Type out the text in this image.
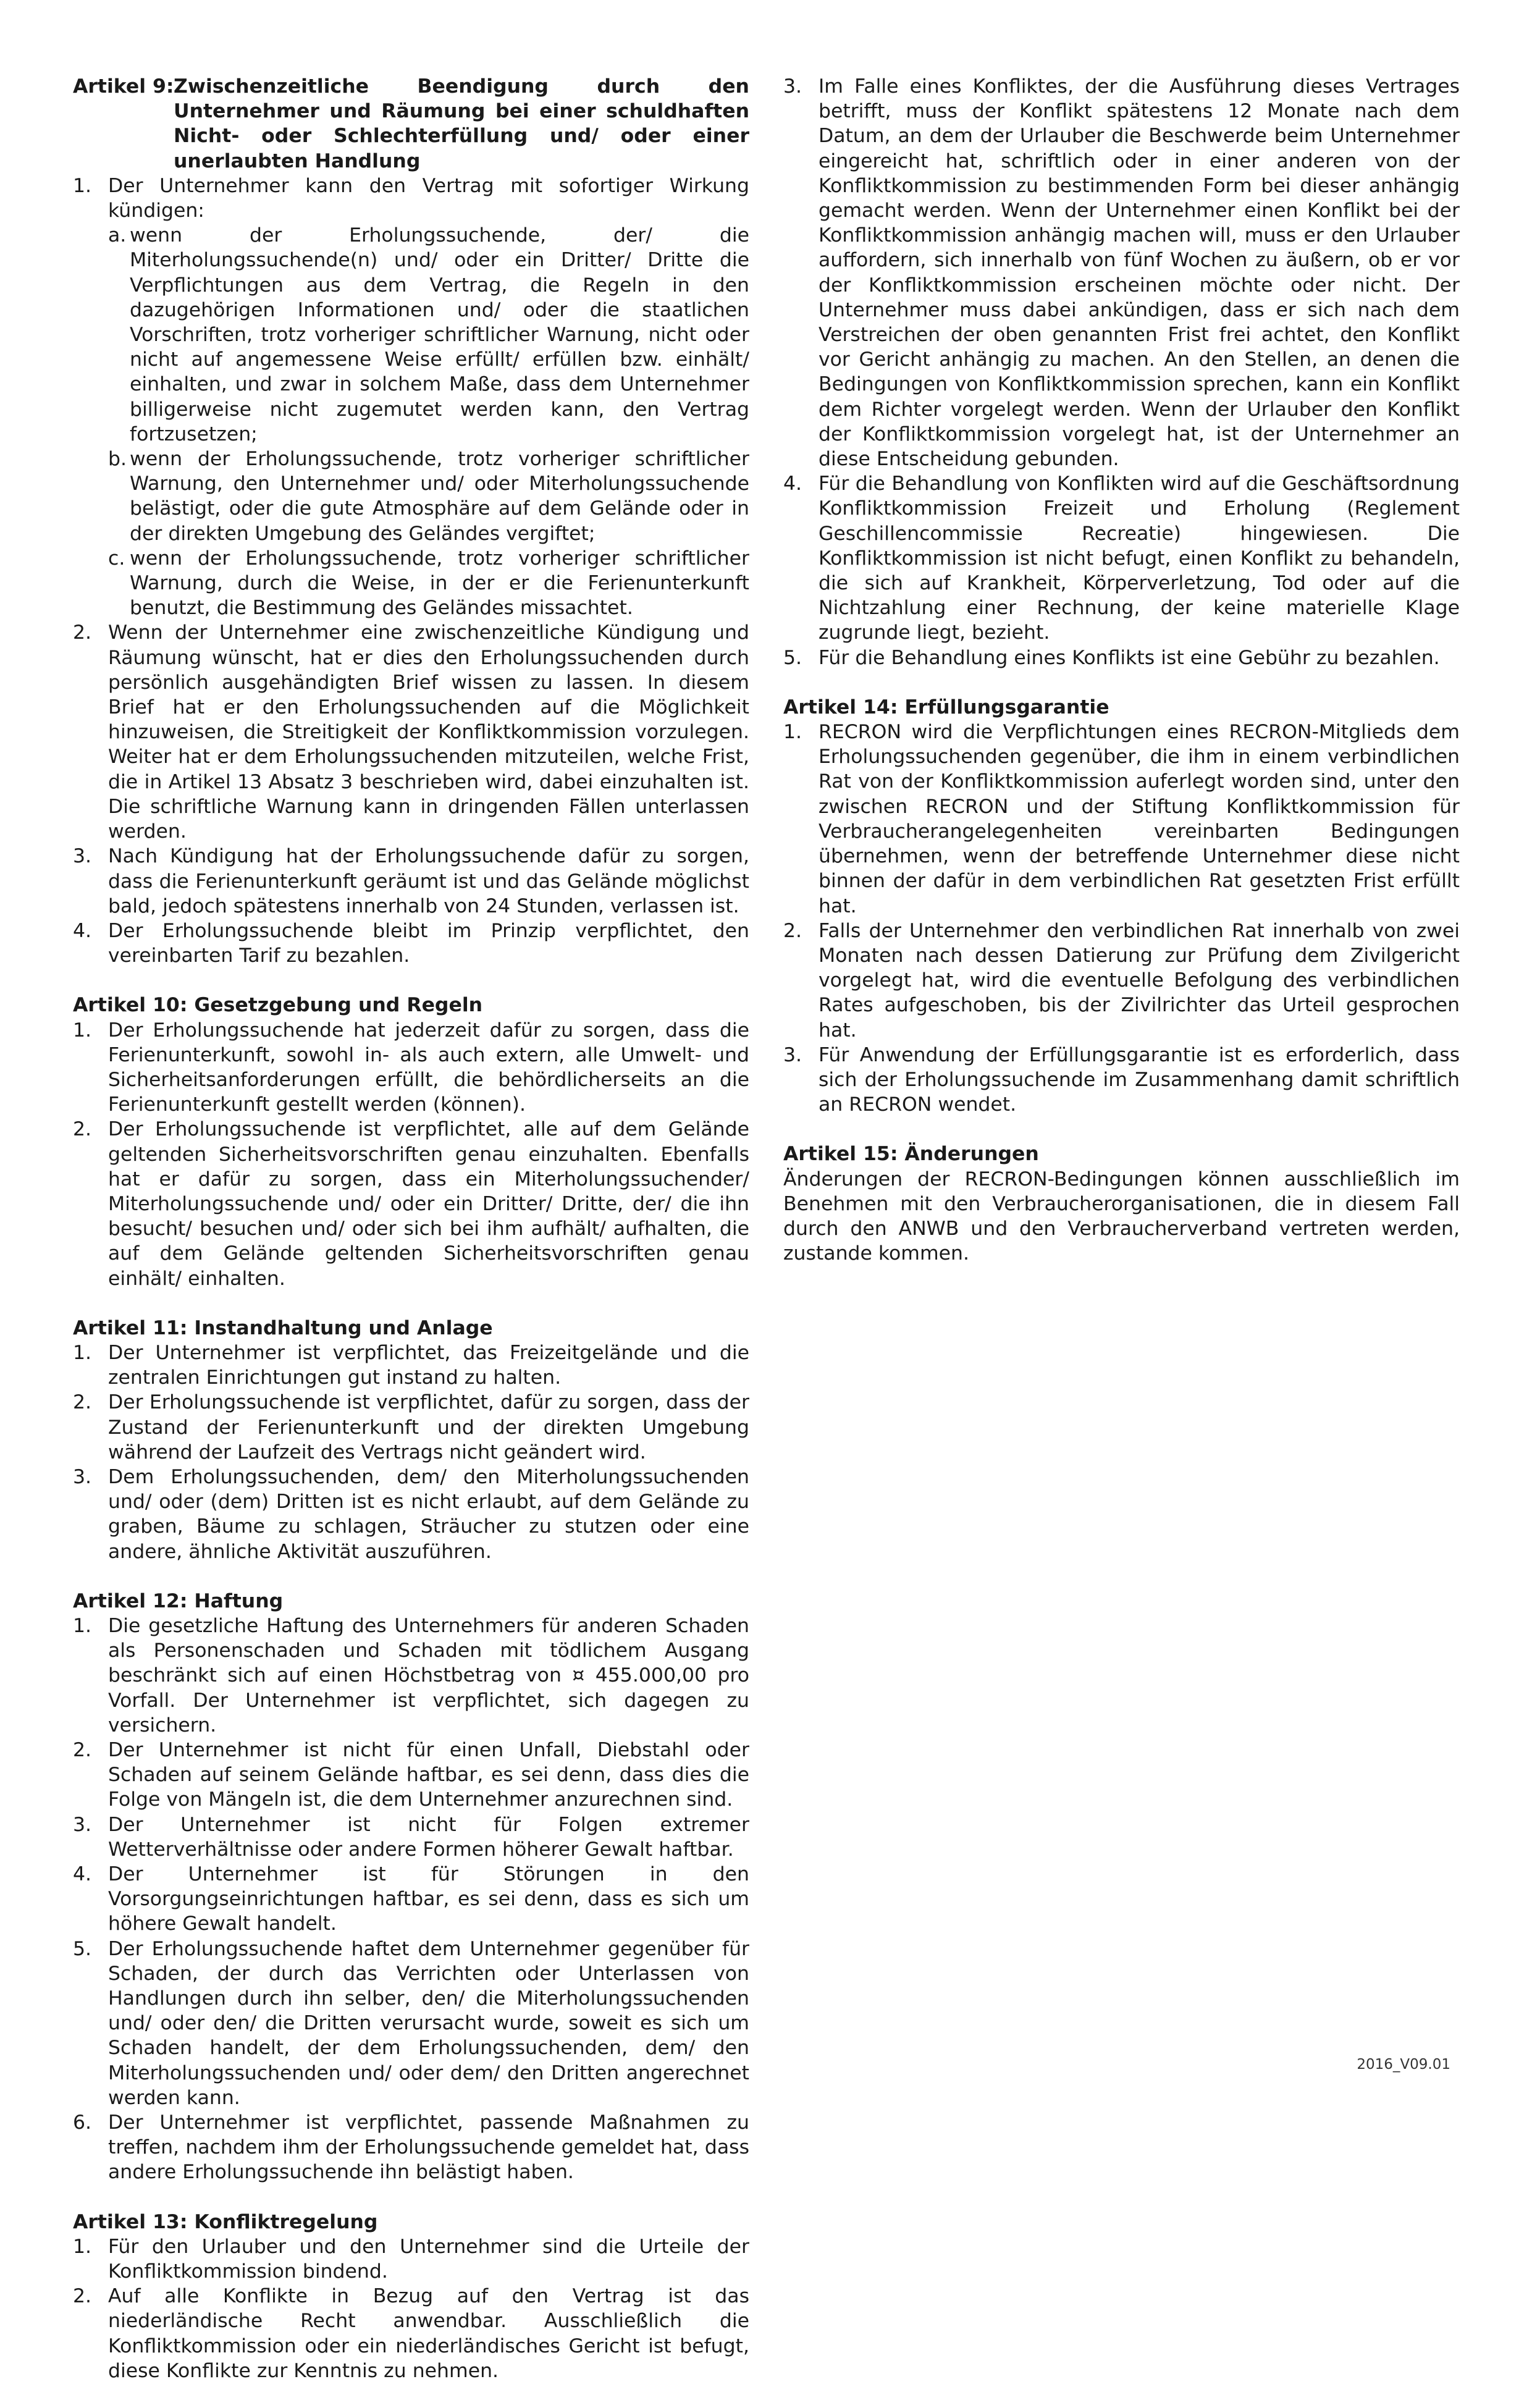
Artikel 9: Zwischenzeitliche Beendigung durch den Unternehmer und Räumung bei einer schuldhaften Nicht- oder Schlechterfüllung und/ oder einer unerlaubten Handlung
1. Der Unternehmer kann den Vertrag mit sofortiger Wirkung kündigen:
a. wenn der Erholungssuchende, der/ die Miterholungssuchende(n) und/ oder ein Dritter/ Dritte die Verpflichtungen aus dem Vertrag, die Regeln in den dazugehörigen Informationen und/ oder die staatlichen Vorschriften, trotz vorheriger schriftlicher Warnung, nicht oder nicht auf angemessene Weise erfüllt/ erfüllen bzw. einhält/ einhalten, und zwar in solchem Maße, dass dem Unternehmer billigerweise nicht zugemutet werden kann, den Vertrag fortzusetzen;
b. wenn der Erholungssuchende, trotz vorheriger schriftlicher Warnung, den Unternehmer und/ oder Miterholungssuchende belästigt, oder die gute Atmosphäre auf dem Gelände oder in der direkten Umgebung des Geländes vergiftet;
c. wenn der Erholungssuchende, trotz vorheriger schriftlicher Warnung, durch die Weise, in der er die Ferienunterkunft benutzt, die Bestimmung des Geländes missachtet.
2. Wenn der Unternehmer eine zwischenzeitliche Kündigung und Räumung wünscht, hat er dies den Erholungssuchenden durch persönlich ausgehändigten Brief wissen zu lassen. In diesem Brief hat er den Erholungssuchenden auf die Möglichkeit hinzuweisen, die Streitigkeit der Konfliktkommission vorzulegen. Weiter hat er dem Erholungssuchenden mitzuteilen, welche Frist, die in Artikel 13 Absatz 3 beschrieben wird, dabei einzuhalten ist. Die schriftliche Warnung kann in dringenden Fällen unterlassen werden.
3. Nach Kündigung hat der Erholungssuchende dafür zu sorgen, dass die Ferienunterkunft geräumt ist und das Gelände möglichst bald, jedoch spätestens innerhalb von 24 Stunden, verlassen ist.
4. Der Erholungssuchende bleibt im Prinzip verpflichtet, den vereinbarten Tarif zu bezahlen.

Artikel 10: Gesetzgebung und Regeln

1. Der Erholungssuchende hat jederzeit dafür zu sorgen, dass die Ferienunterkunft, sowohl in- als auch extern, alle Umwelt- und Sicherheitsanforderungen erfüllt, die behördlicherseits an die Ferienunterkunft gestellt werden (können).
2. Der Erholungssuchende ist verpflichtet, alle auf dem Gelände geltenden Sicherheitsvorschriften genau einzuhalten. Ebenfalls hat er dafür zu sorgen, dass ein Miterholungssuchender/ Miterholungssuchende und/ oder ein Dritter/ Dritte, der/ die ihn besucht/ besuchen und/ oder sich bei ihm aufhält/ aufhalten, die auf dem Gelände geltenden Sicherheitsvorschriften genau einhält/ einhalten.

Artikel 11: Instandhaltung und Anlage

1. Der Unternehmer ist verpflichtet, das Freizeitgelände und die zentralen Einrichtungen gut instand zu halten.
2. Der Erholungssuchende ist verpflichtet, dafür zu sorgen, dass der Zustand der Ferienunterkunft und der direkten Umgebung während der Laufzeit des Vertrags nicht geändert wird.
3. Dem Erholungssuchenden, dem/ den Miterholungssuchenden und/ oder (dem) Dritten ist es nicht erlaubt, auf dem Gelände zu graben, Bäume zu schlagen, Sträucher zu stutzen oder eine andere, ähnliche Aktivität auszuführen.

Artikel 12: Haftung

1. Die gesetzliche Haftung des Unternehmers für anderen Schaden als Personenschaden und Schaden mit tödlichem Ausgang beschränkt sich auf einen Höchstbetrag von ¤ 455.000,00 pro Vorfall. Der Unternehmer ist verpflichtet, sich dagegen zu versichern.
2. Der Unternehmer ist nicht für einen Unfall, Diebstahl oder Schaden auf seinem Gelände haftbar, es sei denn, dass dies die Folge von Mängeln ist, die dem Unternehmer anzurechnen sind.
3. Der Unternehmer ist nicht für Folgen extremer Wetterverhältnisse oder andere Formen höherer Gewalt haftbar.
4. Der Unternehmer ist für Störungen in den Vorsorgungseinrichtungen haftbar, es sei denn, dass es sich um höhere Gewalt handelt.
5. Der Erholungssuchende haftet dem Unternehmer gegenüber für Schaden, der durch das Verrichten oder Unterlassen von Handlungen durch ihn selber, den/ die Miterholungssuchenden und/ oder den/ die Dritten verursacht wurde, soweit es sich um Schaden handelt, der dem Erholungssuchenden, dem/ den Miterholungssuchenden und/ oder dem/ den Dritten angerechnet werden kann.
6. Der Unternehmer ist verpflichtet, passende Maßnahmen zu treffen, nachdem ihm der Erholungssuchende gemeldet hat, dass andere Erholungssuchende ihn belästigt haben.

Artikel 13: Konfliktregelung

1. Für den Urlauber und den Unternehmer sind die Urteile der Konfliktkommission bindend.
2. Auf alle Konflikte in Bezug auf den Vertrag ist das niederländische Recht anwendbar. Ausschließlich die Konfliktkommission oder ein niederländisches Gericht ist befugt, diese Konflikte zur Kenntnis zu nehmen.
3. Im Falle eines Konfliktes, der die Ausführung dieses Vertrages betrifft, muss der Konflikt spätestens 12 Monate nach dem Datum, an dem der Urlauber die Beschwerde beim Unternehmer eingereicht hat, schriftlich oder in einer anderen von der Konfliktkommission zu bestimmenden Form bei dieser anhängig gemacht werden. Wenn der Unternehmer einen Konflikt bei der Konfliktkommission anhängig machen will, muss er den Urlauber auffordern, sich innerhalb von fünf Wochen zu äußern, ob er vor der Konfliktkommission erscheinen möchte oder nicht. Der Unternehmer muss dabei ankündigen, dass er sich nach dem Verstreichen der oben genannten Frist frei achtet, den Konflikt vor Gericht anhängig zu machen. An den Stellen, an denen die Bedingungen von Konfliktkommission sprechen, kann ein Konflikt dem Richter vorgelegt werden. Wenn der Urlauber den Konflikt der Konfliktkommission vorgelegt hat, ist der Unternehmer an diese Entscheidung gebunden.
4. Für die Behandlung von Konflikten wird auf die Geschäftsordnung Konfliktkommission Freizeit und Erholung (Reglement Geschillencommissie Recreatie) hingewiesen. Die Konfliktkommission ist nicht befugt, einen Konflikt zu behandeln, die sich auf Krankheit, Körperverletzung, Tod oder auf die Nichtzahlung einer Rechnung, der keine materielle Klage zugrunde liegt, bezieht.
5. Für die Behandlung eines Konflikts ist eine Gebühr zu bezahlen.

Artikel 14: Erfüllungsgarantie

1. RECRON wird die Verpflichtungen eines RECRON-Mitglieds dem Erholungssuchenden gegenüber, die ihm in einem verbindlichen Rat von der Konfliktkommission auferlegt worden sind, unter den zwischen RECRON und der Stiftung Konfliktkommission für Verbraucherangelegenheiten vereinbarten Bedingungen übernehmen, wenn der betreffende Unternehmer diese nicht binnen der dafür in dem verbindlichen Rat gesetzten Frist erfüllt hat.
2. Falls der Unternehmer den verbindlichen Rat innerhalb von zwei Monaten nach dessen Datierung zur Prüfung dem Zivilgericht vorgelegt hat, wird die eventuelle Befolgung des verbindlichen Rates aufgeschoben, bis der Zivilrichter das Urteil gesprochen hat.
3. Für Anwendung der Erfüllungsgarantie ist es erforderlich, dass sich der Erholungssuchende im Zusammenhang damit schriftlich an RECRON wendet.

Artikel 15: Änderungen

Änderungen der RECRON-Bedingungen können ausschließlich im Benehmen mit den Verbraucherorganisationen, die in diesem Fall durch den ANWB und den Verbraucherverband vertreten werden, zustande kommen.

2016_V09.01
